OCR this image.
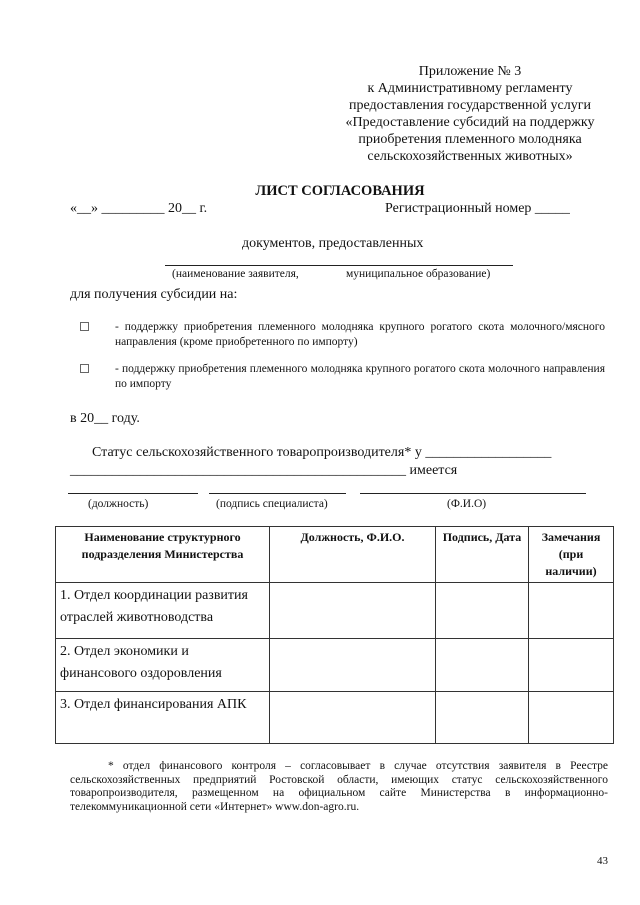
Приложение № 3
к Административному регламенту
предоставления государственной услуги
«Предоставление субсидий на поддержку
приобретения племенного молодняка
сельскохозяйственных животных»
ЛИСТ СОГЛАСОВАНИЯ
«__» _________ 20__ г.	Регистрационный номер _____
документов, предоставленных
(наименование заявителя,	муниципальное образование)
для получения субсидии на:
- поддержку приобретения племенного молодняка крупного рогатого скота молочного/мясного направления (кроме приобретенного по импорту)
- поддержку приобретения племенного молодняка крупного рогатого скота молочного направления по импорту
в 20__ году.
Статус сельскохозяйственного товаропроизводителя* у __________________
________________________________________________ имеется
(должность)	(подпись специалиста)	(Ф.И.О)
Наименование структурного подразделения Министерства	Должность, Ф.И.О.	Подпись, Дата	Замечания (при наличии)
1. Отдел координации развития отраслей животноводства			
2. Отдел экономики и финансового оздоровления			
3. Отдел финансирования АПК			
* отдел финансового контроля – согласовывает в случае отсутствия заявителя в Реестре сельскохозяйственных предприятий Ростовской области, имеющих статус сельскохозяйственного товаропроизводителя, размещенном на официальном сайте Министерства в информационно-телекоммуникационной сети «Интернет» www.don-agro.ru.
43
